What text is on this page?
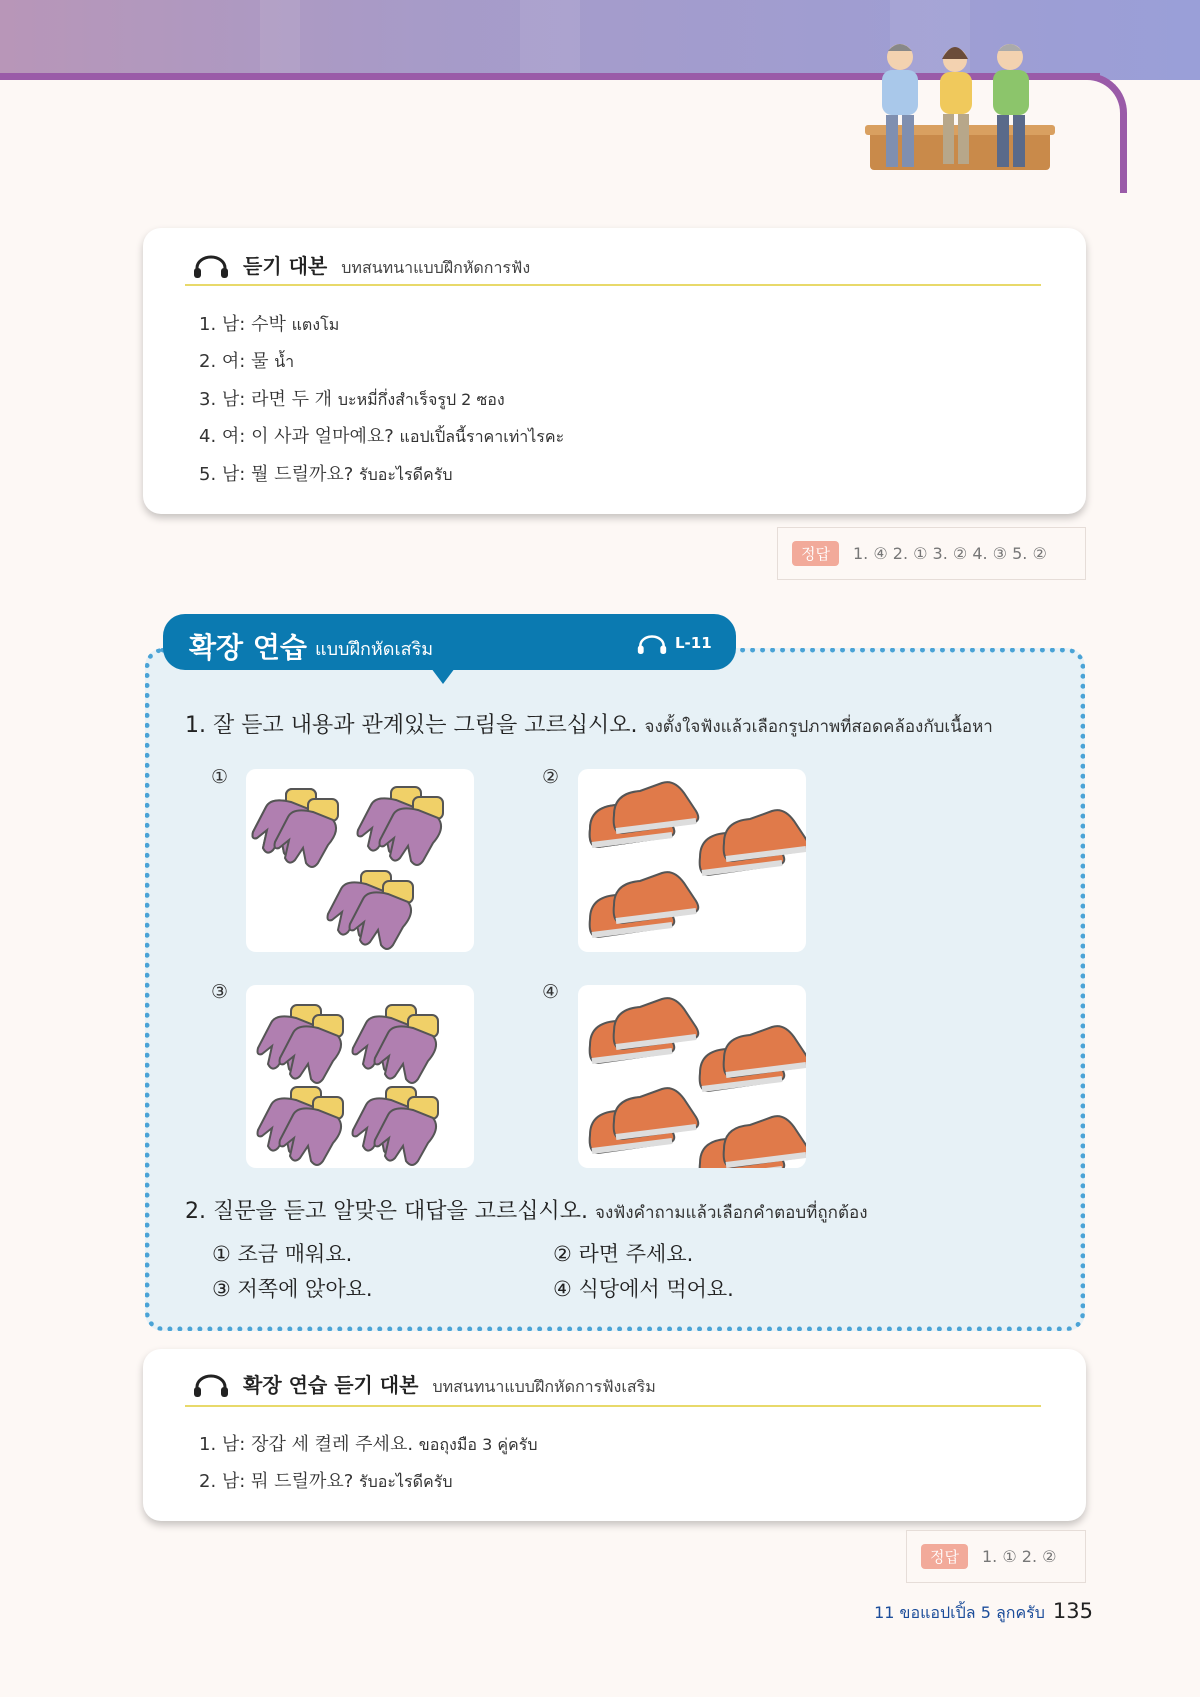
듣기 대본 บทสนทนาแบบฝึกหัดการฟัง
1. 남: 수박 แตงโม
2. 여: 물 น้ำ
3. 남: 라면 두 개 บะหมี่กึ่งสำเร็จรูป 2 ซอง
4. 여: 이 사과 얼마예요? แอปเปิ้ลนี้ราคาเท่าไรคะ
5. 남: 뭘 드릴까요? รับอะไรดีครับ
정답	1. ④ 2. ① 3. ② 4. ③ 5. ②
확장 연습 แบบฝึกหัดเสริม	L-11
1. 잘 듣고 내용과 관계있는 그림을 고르십시오. จงตั้งใจฟังแล้วเลือกรูปภาพที่สอดคล้องกับเนื้อหา
①	②
③	④
2. 질문을 듣고 알맞은 대답을 고르십시오. จงฟังคำถามแล้วเลือกคำตอบที่ถูกต้อง
① 조금 매워요.	② 라면 주세요.
③ 저쪽에 앉아요.	④ 식당에서 먹어요.
확장 연습 듣기 대본 บทสนทนาแบบฝึกหัดการฟังเสริม
1. 남: 장갑 세 켤레 주세요. ขอถุงมือ 3 คู่ครับ
2. 남: 뭐 드릴까요? รับอะไรดีครับ
정답	1. ① 2. ②
11 ขอแอปเปิ้ล 5 ลูกครับ 135
